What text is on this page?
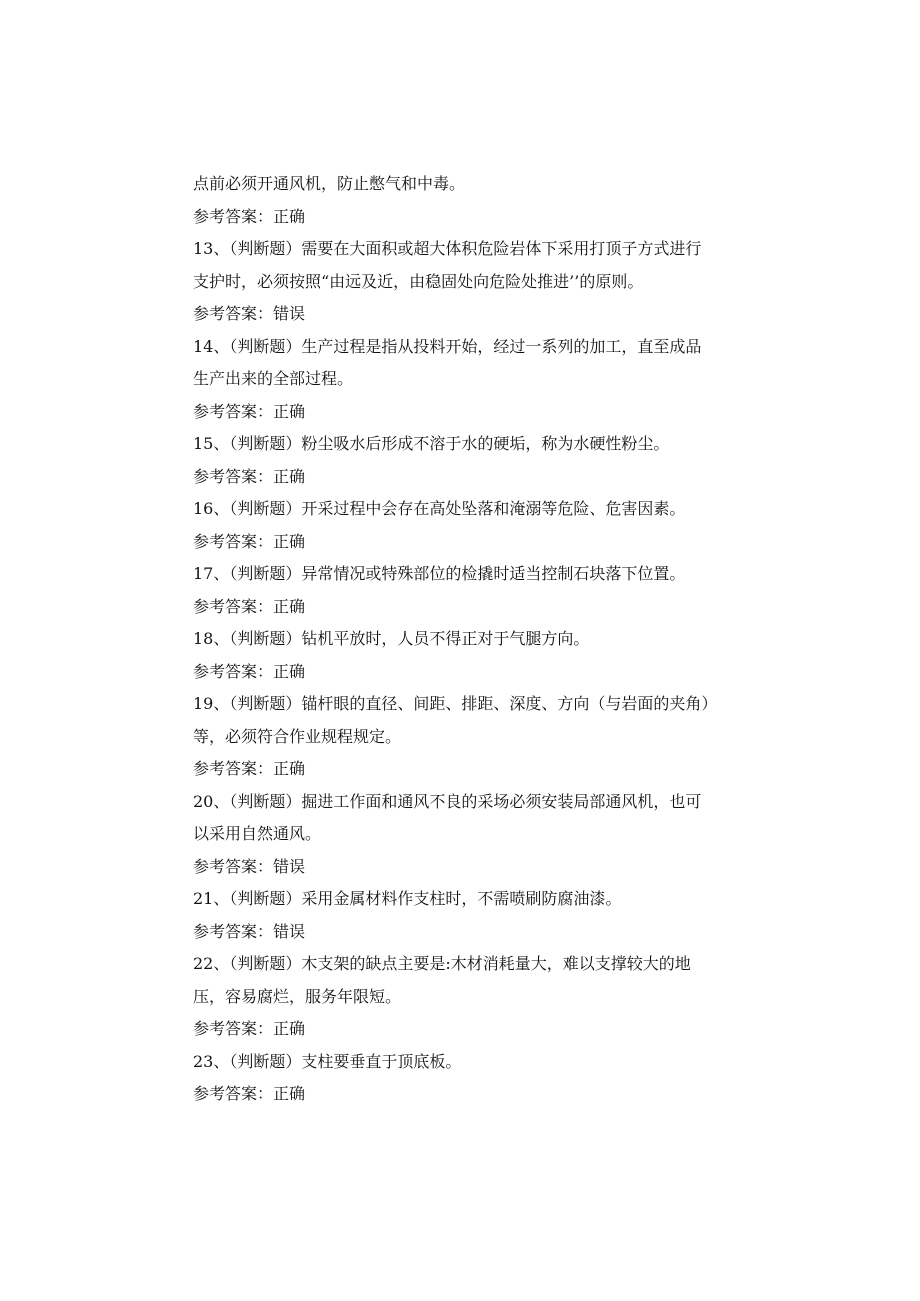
点前必须开通风机，防止憋气和中毒。
参考答案：正确
13、（判断题）需要在大面积或超大体积危险岩体下采用打顶子方式进行
支护时，必须按照“由远及近，由稳固处向危险处推进’’的原则。
参考答案：错误
14、（判断题）生产过程是指从投料开始，经过一系列的加工，直至成品
生产出来的全部过程。
参考答案：正确
15、（判断题）粉尘吸水后形成不溶于水的硬垢，称为水硬性粉尘。
参考答案：正确
16、（判断题）开采过程中会存在高处坠落和淹溺等危险、危害因素。
参考答案：正确
17、（判断题）异常情况或特殊部位的检撬时适当控制石块落下位置。
参考答案：正确
18、（判断题）钻机平放时，人员不得正对于气腿方向。
参考答案：正确
19、（判断题）锚杆眼的直径、间距、排距、深度、方向（与岩面的夹角）
等，必须符合作业规程规定。
参考答案：正确
20、（判断题）掘进工作面和通风不良的采场必须安装局部通风机，也可
以采用自然通风。
参考答案：错误
21、（判断题）采用金属材料作支柱时，不需喷刷防腐油漆。
参考答案：错误
22、（判断题）木支架的缺点主要是:木材消耗量大，难以支撑较大的地
压，容易腐烂，服务年限短。
参考答案：正确
23、（判断题）支柱要垂直于顶底板。
参考答案：正确
